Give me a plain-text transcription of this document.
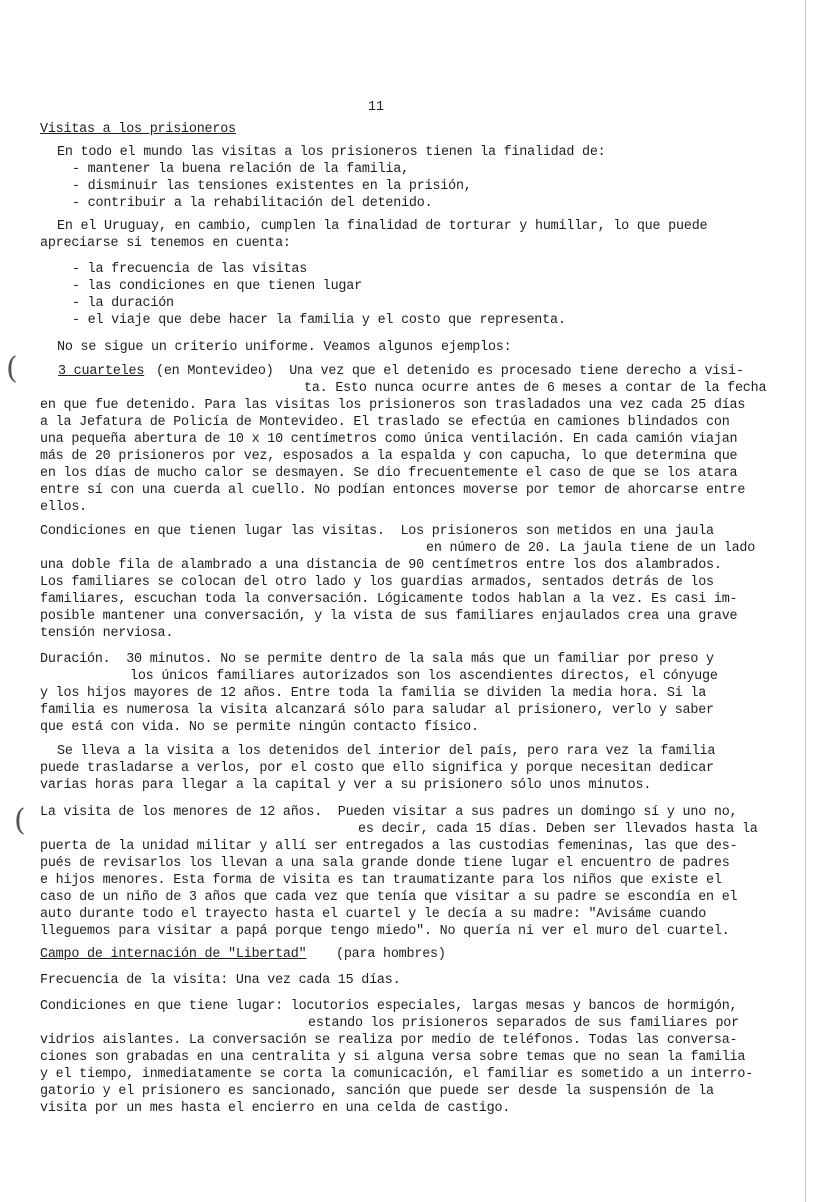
11
(
(
Visitas a los prisioneros
En todo el mundo las visitas a los prisioneros tienen la finalidad de:
- mantener la buena relación de la familia,
- disminuir las tensiones existentes en la prisión,
- contribuir a la rehabilitación del detenido.
En el Uruguay, en cambio, cumplen la finalidad de torturar y humillar, lo que puede
apreciarse si tenemos en cuenta:
- la frecuencia de las visitas
- las condiciones en que tienen lugar
- la duración
- el viaje que debe hacer la familia y el costo que representa.
No se sigue un criterio uniforme. Veamos algunos ejemplos:
3 cuarteles (en Montevideo)  Una vez que el detenido es procesado tiene derecho a visi-
ta. Esto nunca ocurre antes de 6 meses a contar de la fecha
en que fue detenido. Para las visitas los prisioneros son trasladados una vez cada 25 días
a la Jefatura de Policía de Montevideo. El traslado se efectúa en camiones blindados con
una pequeña abertura de 10 x 10 centímetros como única ventilación. En cada camión viajan
más de 20 prisioneros por vez, esposados a la espalda y con capucha, lo que determina que
en los días de mucho calor se desmayen. Se dio frecuentemente el caso de que se los atara
entre sí con una cuerda al cuello. No podían entonces moverse por temor de ahorcarse entre
ellos.
Condiciones en que tienen lugar las visitas.  Los prisioneros son metidos en una jaula
en número de 20. La jaula tiene de un lado
una doble fila de alambrado a una distancia de 90 centímetros entre los dos alambrados.
Los familiares se colocan del otro lado y los guardias armados, sentados detrás de los
familiares, escuchan toda la conversación. Lógicamente todos hablan a la vez. Es casi im-
posible mantener una conversación, y la vista de sus familiares enjaulados crea una grave
tensión nerviosa.
Duración.  30 minutos. No se permite dentro de la sala más que un familiar por preso y
los únicos familiares autorizados son los ascendientes directos, el cónyuge
y los hijos mayores de 12 años. Entre toda la familia se dividen la media hora. Si la
familia es numerosa la visita alcanzará sólo para saludar al prisionero, verlo y saber
que está con vida. No se permite ningún contacto físico.
Se lleva a la visita a los detenidos del interior del país, pero rara vez la familia
puede trasladarse a verlos, por el costo que ello significa y porque necesitan dedicar
varias horas para llegar a la capital y ver a su prisionero sólo unos minutos.
La visita de los menores de 12 años.  Pueden visitar a sus padres un domingo sí y uno no,
es decir, cada 15 días. Deben ser llevados hasta la
puerta de la unidad militar y allí ser entregados a las custodias femeninas, las que des-
pués de revisarlos los llevan a una sala grande donde tiene lugar el encuentro de padres
e hijos menores. Esta forma de visita es tan traumatizante para los niños que existe el
caso de un niño de 3 años que cada vez que tenía que visitar a su padre se escondía en el
auto durante todo el trayecto hasta el cuartel y le decía a su madre: "Avisáme cuando
lleguemos para visitar a papá porque tengo miedo". No quería ni ver el muro del cuartel.
Campo de internación de "Libertad" (para hombres)
Frecuencia de la visita: Una vez cada 15 días.
Condiciones en que tiene lugar: locutorios especiales, largas mesas y bancos de hormigón,
estando los prisioneros separados de sus familiares por
vidrios aislantes. La conversación se realiza por medio de teléfonos. Todas las conversa-
ciones son grabadas en una centralita y si alguna versa sobre temas que no sean la familia
y el tiempo, inmediatamente se corta la comunicación, el familiar es sometido a un interro-
gatorio y el prisionero es sancionado, sanción que puede ser desde la suspensión de la
visita por un mes hasta el encierro en una celda de castigo.
